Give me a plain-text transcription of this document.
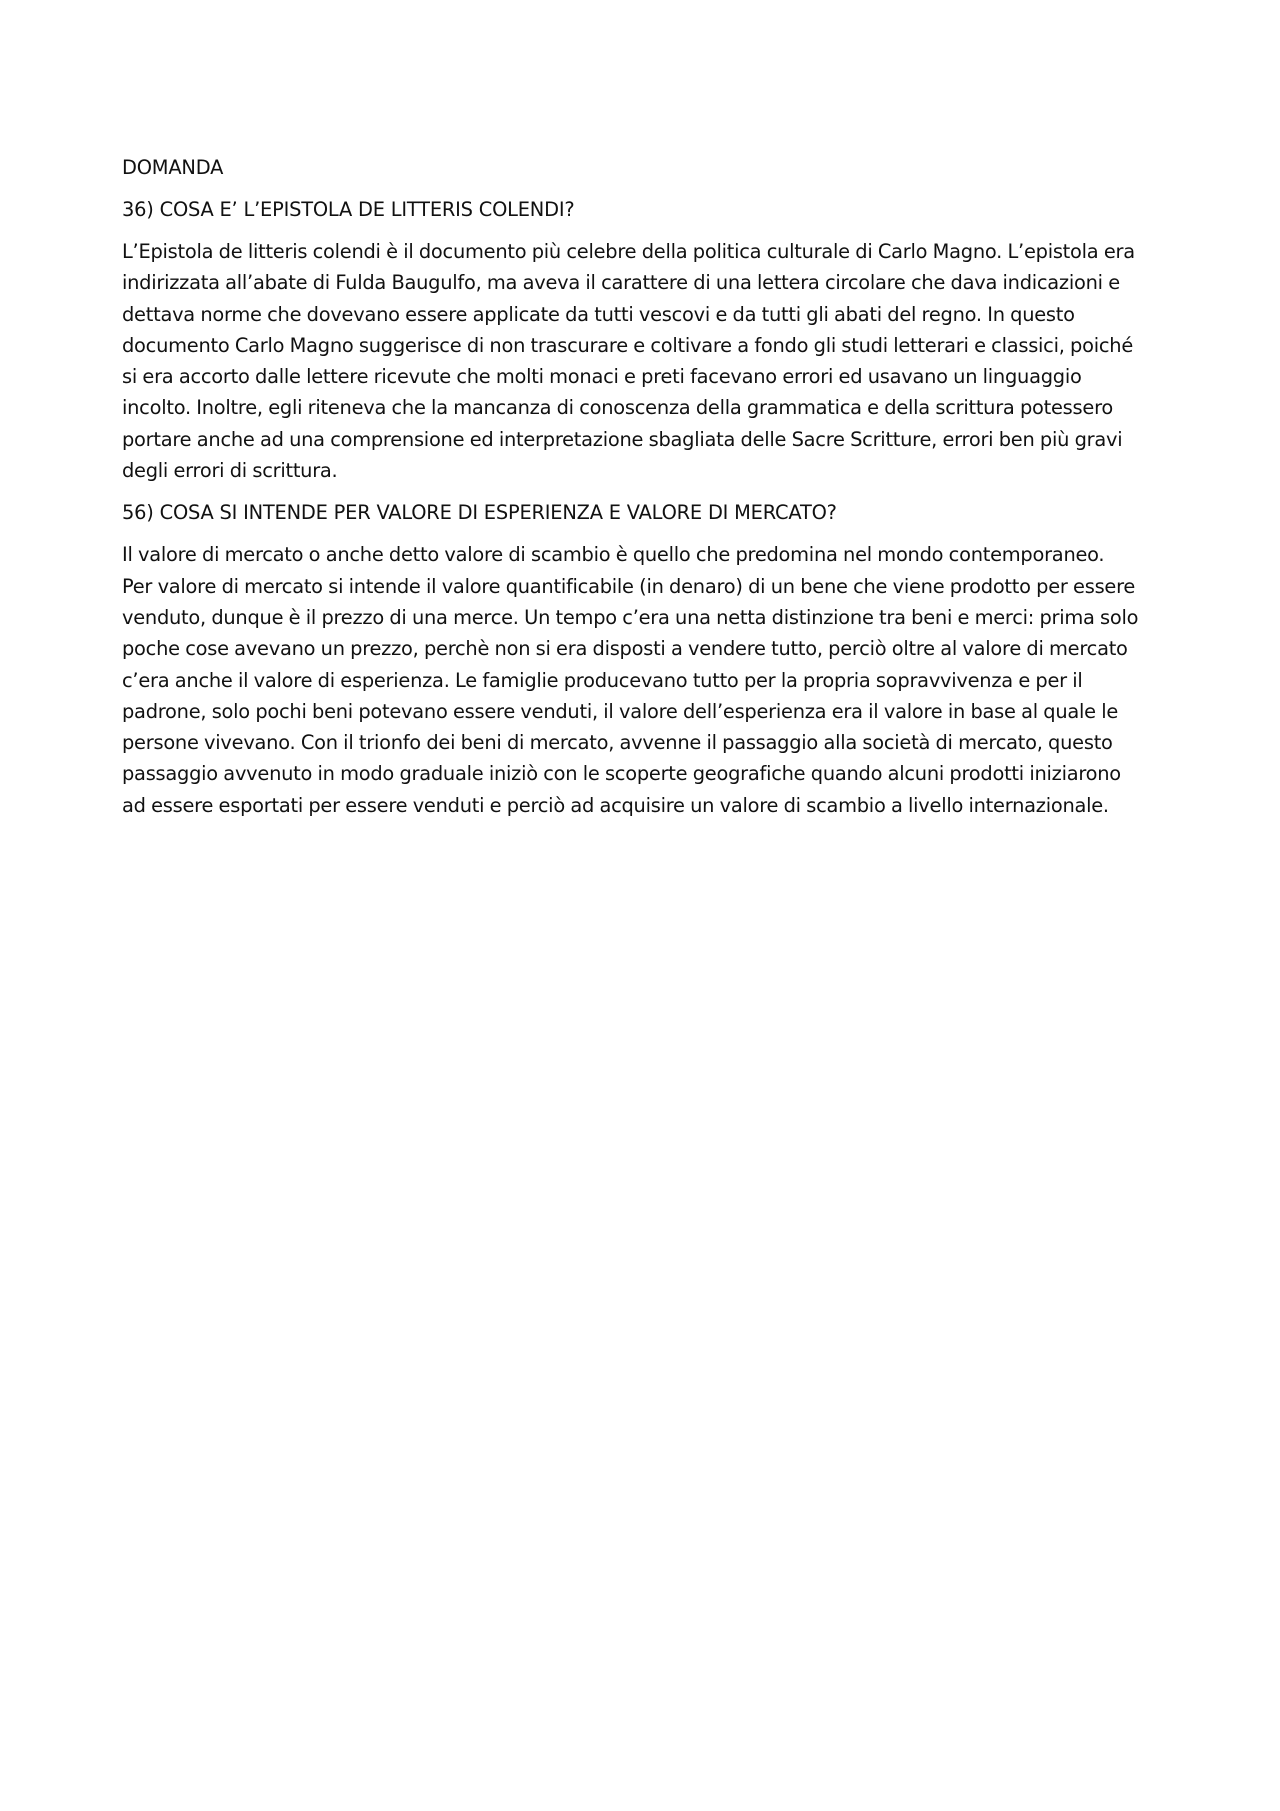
DOMANDA

36) COSA E’ L’EPISTOLA DE LITTERIS COLENDI?

L’Epistola de litteris colendi è il documento più celebre della politica culturale di Carlo Magno. L’epistola era
indirizzata all’abate di Fulda Baugulfo, ma aveva il carattere di una lettera circolare che dava indicazioni e
dettava norme che dovevano essere applicate da tutti vescovi e da tutti gli abati del regno. In questo
documento Carlo Magno suggerisce di non trascurare e coltivare a fondo gli studi letterari e classici, poiché
si era accorto dalle lettere ricevute che molti monaci e preti facevano errori ed usavano un linguaggio
incolto. Inoltre, egli riteneva che la mancanza di conoscenza della grammatica e della scrittura potessero
portare anche ad una comprensione ed interpretazione sbagliata delle Sacre Scritture, errori ben più gravi
degli errori di scrittura.

56) COSA SI INTENDE PER VALORE DI ESPERIENZA E VALORE DI MERCATO?

Il valore di mercato o anche detto valore di scambio è quello che predomina nel mondo contemporaneo.
Per valore di mercato si intende il valore quantificabile (in denaro) di un bene che viene prodotto per essere
venduto, dunque è il prezzo di una merce. Un tempo c’era una netta distinzione tra beni e merci: prima solo
poche cose avevano un prezzo, perchè non si era disposti a vendere tutto, perciò oltre al valore di mercato
c’era anche il valore di esperienza. Le famiglie producevano tutto per la propria sopravvivenza e per il
padrone, solo pochi beni potevano essere venduti, il valore dell’esperienza era il valore in base al quale le
persone vivevano. Con il trionfo dei beni di mercato, avvenne il passaggio alla società di mercato, questo
passaggio avvenuto in modo graduale iniziò con le scoperte geografiche quando alcuni prodotti iniziarono
ad essere esportati per essere venduti e perciò ad acquisire un valore di scambio a livello internazionale.
